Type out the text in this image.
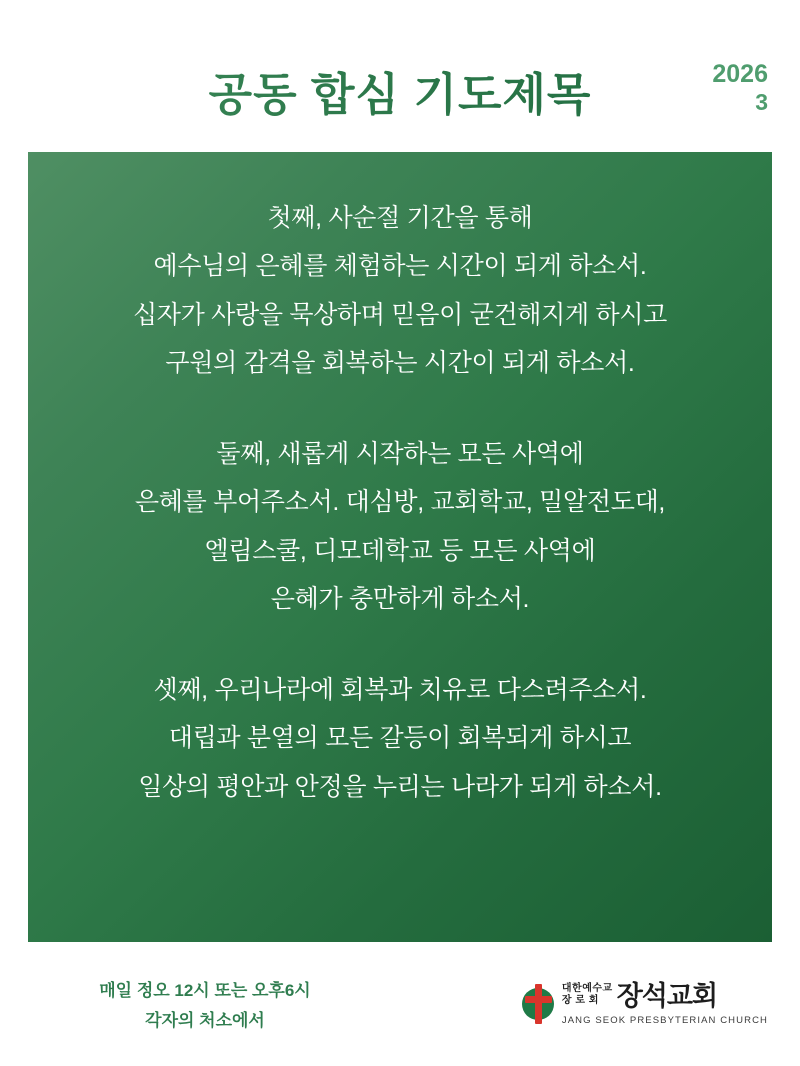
공동 합심 기도제목	2026
3
첫째, 사순절 기간을 통해
예수님의 은혜를 체험하는 시간이 되게 하소서.
십자가 사랑을 묵상하며 믿음이 굳건해지게 하시고
구원의 감격을 회복하는 시간이 되게 하소서.
둘째, 새롭게 시작하는 모든 사역에
은혜를 부어주소서. 대심방, 교회학교, 밀알전도대,
엘림스쿨, 디모데학교 등 모든 사역에
은혜가 충만하게 하소서.
셋째, 우리나라에 회복과 치유로 다스려주소서.
대립과 분열의 모든 갈등이 회복되게 하시고
일상의 평안과 안정을 누리는 나라가 되게 하소서.
매일 정오 12시 또는 오후6시
각자의 처소에서
대한예수교
장 로 회 장석교회
JANG SEOK PRESBYTERIAN CHURCH
